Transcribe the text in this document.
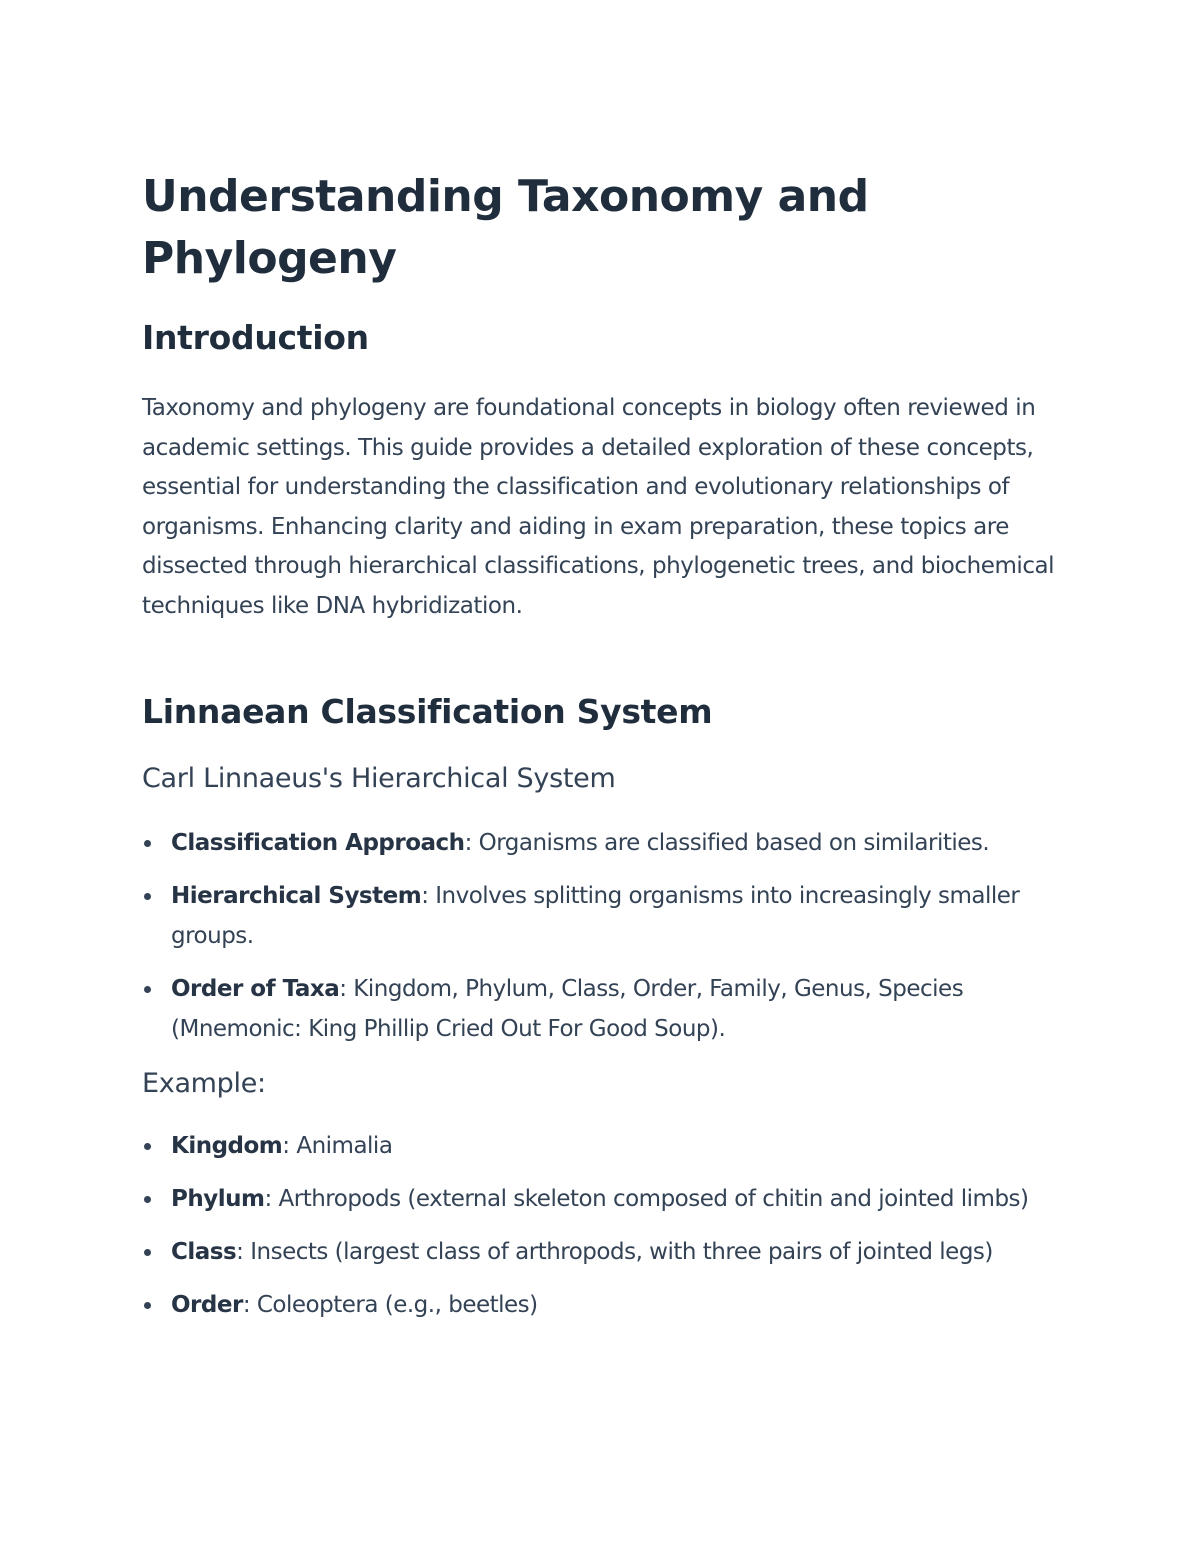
Understanding Taxonomy and Phylogeny
Introduction

Taxonomy and phylogeny are foundational concepts in biology often reviewed in academic settings. This guide provides a detailed exploration of these concepts, essential for understanding the classification and evolutionary relationships of organisms. Enhancing clarity and aiding in exam preparation, these topics are dissected through hierarchical classifications, phylogenetic trees, and biochemical techniques like DNA hybridization.

Linnaean Classification System
Carl Linnaeus's Hierarchical System
Classification Approach: Organisms are classified based on similarities.
Hierarchical System: Involves splitting organisms into increasingly smaller groups.
Order of Taxa: Kingdom, Phylum, Class, Order, Family, Genus, Species (Mnemonic: King Phillip Cried Out For Good Soup).
Example:
Kingdom: Animalia
Phylum: Arthropods (external skeleton composed of chitin and jointed limbs)
Class: Insects (largest class of arthropods, with three pairs of jointed legs)
Order: Coleoptera (e.g., beetles)
